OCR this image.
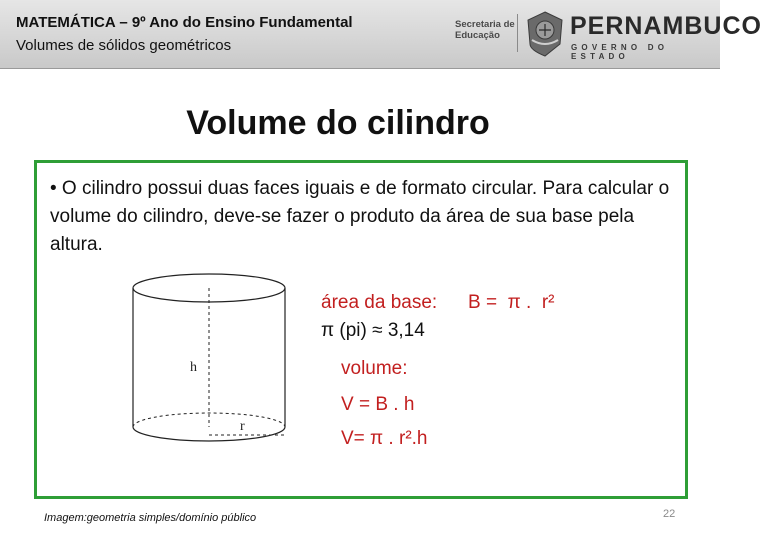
MATEMÁTICA – 9º Ano do Ensino Fundamental
Volumes de sólidos geométricos
Secretaria de
Educação	PERNAMBUCO
GOVERNO DO ESTADO
Volume do cilindro
• O cilindro possui duas faces iguais e de formato circular. Para calcular o volume do cilindro, deve-se fazer o produto da área de sua base pela altura.
área da base: B =  π .  r²
π (pi) ≈ 3,14
volume:
V = B . h
V= π . r².h
h
r
Imagem:geometria simples/domínio público	22
